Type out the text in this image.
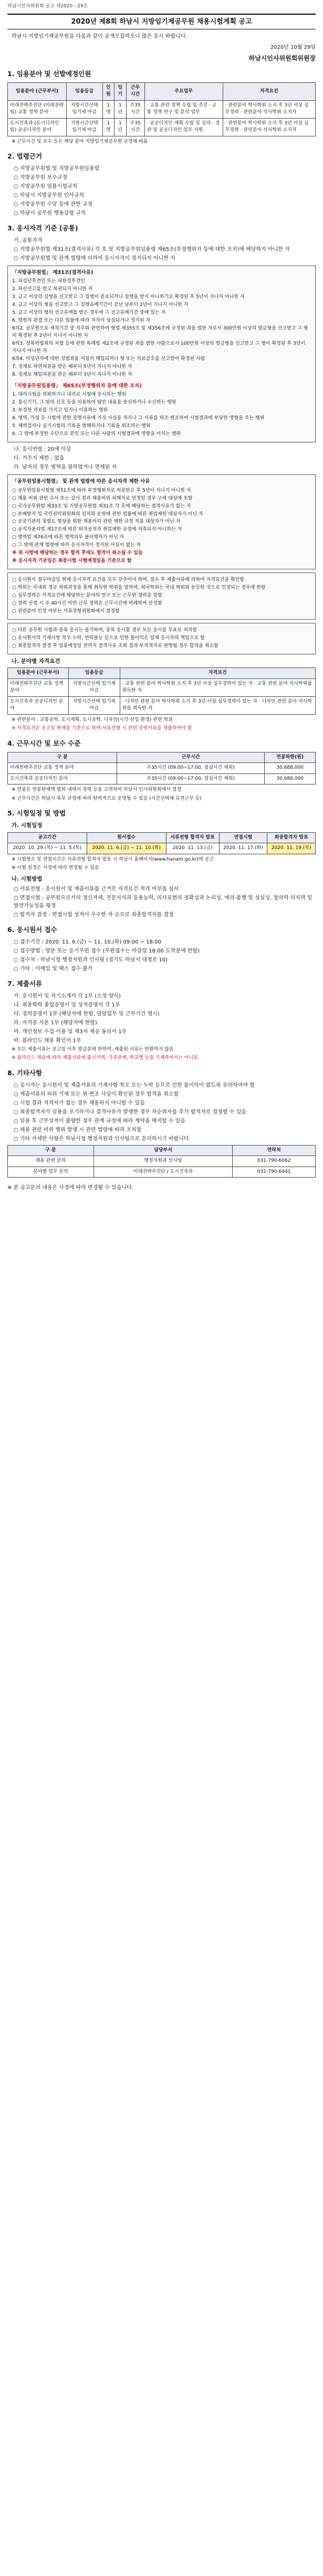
하남시인사위원회 공고 제2020 - 29호
2020년 제8회 하남시 지방임기제공무원 채용시험계획 공고
하남시 지방임기제공무원을 다음과 같이 공개모집하오니 많은 응시 바랍니다.
2020년 10월 29일
하남시인사위원회위원장
1. 임용분야 및 선발예정인원
임용분야 (근무부서)	임용등급	인원	임기	근무시간	주요업무	자격요건
미래전략추진단 (미래전략팀) 교통 정책 분야	지방시간선택 임기제 마급	1명	1년	주35시간	· 교통 관련 정책 수립 및 추진 · 교통 정책 연구 및 분석 업무	· 관련분야 학사학위 소지 후 3년 이상 실무경력 · 관련분야 석사학위 소지자
도시건축과 (도시디자인팀) 공공디자인 분야	지방시간선택 임기제 마급	1명	1년	주35시간	· 공공디자인 계획 수립 및 심의 · 경관 및 공공디자인 업무 지원	· 관련분야 학사학위 소지 후 3년 이상 실무경력 · 관련분야 석사학위 소지자
※ 근무시간 및 보수 등은 해당 분야 지방임기제공무원 규정에 따름
2. 법령근거
○ 지방공무원법 및 지방공무원임용령
○ 지방공무원 보수규정
○ 지방공무원 임용시험규칙
○ 하남시 지방공무원 인사규칙
○ 지방공무원 수당 등에 관한 규정
○ 하남시 공무원 행동강령 규칙
3. 응시자격 기준 (공통)
가. 공통자격
○ 지방공무원법 제31조(결격사유) 각 호 및 지방공무원임용령 제65조(부정행위자 등에 대한 조치)에 해당하지 아니한 자
○ 지방공무원법 및 관계 법령에 의하여 응시자격이 정지되지 아니한 자
「지방공무원법」 제31조(결격사유)

1. 피성년후견인 또는 피한정후견인

2. 파산선고를 받고 복권되지 아니한 자

3. 금고 이상의 실형을 선고받고 그 집행이 종료되거나 집행을 받지 아니하기로 확정된 후 5년이 지나지 아니한 자

4. 금고 이상의 형을 선고받고 그 집행유예기간이 끝난 날부터 2년이 지나지 아니한 자

5. 금고 이상의 형의 선고유예를 받은 경우에 그 선고유예기간 중에 있는 자

6. 법원의 판결 또는 다른 법률에 따라 자격이 상실되거나 정지된 자

6의2. 공무원으로 재직기간 중 직무와 관련하여 형법 제355조 및 제356조에 규정된 죄를 범한 자로서 300만원 이상의 벌금형을 선고받고 그 형이 확정된 후 2년이 지나지 아니한 자

6의3. 성폭력범죄의 처벌 등에 관한 특례법 제2조에 규정된 죄를 범한 사람으로서 100만원 이상의 벌금형을 선고받고 그 형이 확정된 후 3년이 지나지 아니한 자

6의4. 미성년자에 대한 성범죄를 저질러 해임되거나 형 또는 치료감호를 선고받아 확정된 사람

7. 징계로 파면처분을 받은 때부터 5년이 지나지 아니한 자

8. 징계로 해임처분을 받은 때부터 3년이 지나지 아니한 자

「지방공무원임용령」 제65조(부정행위자 등에 대한 조치)

1. 대리시험을 의뢰하거나 대리로 시험에 응시하는 행위

2. 통신기기, 그 밖의 신호 등을 이용하여 답안 내용을 송신하거나 수신하는 행위

3. 부정한 자료를 가지고 있거나 이용하는 행위

4. 병역, 가점 등 시험에 관한 증명서류에 거짓 사실을 적거나 그 서류를 위조·변조하여 시험결과에 부당한 영향을 주는 행위

5. 체력검사나 실기시험의 기록을 방해하거나 기록을 위조하는 행위

6. 그 밖에 부정한 수단으로 본인 또는 다른 사람의 시험결과에 영향을 미치는 행위

나. 응시연령 : 20세 이상
다. 거주지 제한 : 없음
라. 남자의 경우 병역을 필하였거나 면제된 자
「공무원임용시험령」 및 관계 법령에 따른 응시자격 제한 사유

○ 공무원임용시험령 제51조에 따라 부정행위자로 처분받은 후 5년이 지나지 아니한 자

○ 채용 비위 관련 수사 또는 감사 결과 채용비위 피해자로 인정된 경우 구제 대상에 포함

○ 국가공무원법 제33조 및 지방공무원법 제31조 각 호에 해당하는 결격사유가 없는 자

○ 부패방지 및 국민권익위원회의 설치와 운영에 관한 법률에 따른 취업제한 대상자가 아닌 자

○ 공공기관의 청렴도 향상을 위한 채용비리 관련 제한 규정 적용 대상자가 아닌 자

○ 공직자윤리법 제17조에 따른 퇴직공직자 취업제한 규정에 저촉되지 아니하는 자

○ 병역법 제76조에 따른 병역의무 불이행자가 아닌 자

○ 그 밖에 관계 법령에 따라 응시자격이 정지된 사실이 없는 자

※ 위 사항에 해당하는 경우 합격 후에도 합격이 취소될 수 있음

※ 응시자격 기준일은 최종시험 시행예정일을 기준으로 함

○ 응시원서 접수마감일 현재 응시자격 요건을 모두 갖추어야 하며, 접수 후 제출서류에 의하여 자격요건을 확인함

○ 학위는 국내외 정규 학위과정을 통해 취득한 학위를 말하며, 외국학위는 국내 학위와 동등한 것으로 인정되는 경우에 한함

○ 실무경력은 자격요건에 해당하는 분야의 연구 또는 근무한 경력을 말함

○ 경력 산정 시 주 40시간 미만 근무 경력은 근무시간에 비례하여 산정함

○ 관련분야 인정 여부는 서류전형위원회에서 결정함

○ 다른 공무원 시험과 중복 응시는 불가하며, 중복 응시할 경우 모든 응시를 무효로 처리함

○ 응시원서의 기재사항 착오·누락, 연락불능 등으로 인한 불이익은 일체 응시자의 책임으로 함

○ 최종합격자 결정 후 임용예정일 전까지 결격사유 조회 결과 부적격자로 판명될 경우 합격을 취소함

나. 분야별 자격요건
임용분야 (근무부서)	임용등급	자격요건
미래전략추진단 교통 정책 분야	지방시간선택 임기제 마급	· 교통 관련 분야 학사학위 소지 후 3년 이상 실무경력이 있는 자 · 교통 관련 분야 석사학위를 취득한 자
도시건축과 공공디자인 분야	지방시간선택 임기제 마급	· 디자인 관련 분야 학사학위 소지 후 3년 이상 실무경력이 있는 자 · 디자인 관련 분야 석사학위를 취득한 자
※ 관련분야 : 교통공학, 도시계획, 도시공학, 디자인(시각·산업·환경) 관련 학과
※ 자격요건은 공고일 현재를 기준으로 하며 서류전형 시 관련 증빙서류를 제출하여야 함
4. 근무시간 및 보수 수준
구 분	근무시간	연봉하한(원)
미래전략추진단 교통 정책 분야	주35시간 (09:00~17:00, 점심시간 제외)	30,688,000
도시건축과 공공디자인 분야	주35시간 (09:00~17:00, 점심시간 제외)	30,688,000
※ 연봉은 연봉한계액 범위 내에서 경력 등을 고려하여 하남시 인사위원회에서 결정
※ 근무시간은 하남시 복무 규정에 따라 탄력적으로 운영될 수 있음 (시간선택제 유연근무 등)
5. 시험일정 및 방법
가. 시험일정
공고기간	원서접수	서류전형 합격자 발표	면접시험	최종합격자 발표
2020. 10. 29.(목) ~ 11. 5.(목)	2020. 11. 6.(금) ~ 11. 10.(화)	2020. 11. 13.(금)	2020. 11. 17.(화)	2020. 11. 19.(목)
※ 시험장소 및 면접시간은 서류전형 합격자 발표 시 하남시 홈페이지(www.hanam.go.kr)에 공고
※ 시험 일정은 사정에 따라 변경될 수 있음
나. 시험방법
○ 서류전형 : 응시원서 및 제출서류를 근거로 자격요건 적격 여부를 심사
○ 면접시험 : 공무원으로서의 정신자세, 전문지식과 응용능력, 의사표현의 정확성과 논리성, 예의·품행 및 성실성, 창의력·의지력 및 발전가능성을 평정
○ 합격자 결정 : 면접시험 성적이 우수한 자 순으로 최종합격자를 결정
6. 응시원서 접수
○ 접수기간 : 2020. 11. 6.(금) ~ 11. 10.(화) 09:00 ~ 18:00
○ 접수방법 : 방문 또는 등기우편 접수 (우편접수는 마감일 18:00 도착분에 한함)
○ 접수처 : 하남시청 행정지원과 인사팀 (경기도 하남시 대청로 10)
○ 기타 : 이메일 및 팩스 접수 불가
7. 제출서류
가. 응시원서 및 자기소개서 각 1부 (소정 양식)
나. 최종학력 졸업증명서 및 성적증명서 각 1부
다. 경력증명서 1부 (해당자에 한함, 담당업무 및 근무기간 명시)
라. 자격증 사본 1부 (해당자에 한함)
마. 개인정보 수집·이용 및 제3자 제공 동의서 1부
바. 블라인드 채용 확인서 1부
※ 모든 제출서류는 공고일 이후 발급분에 한하며, 제출된 서류는 반환하지 않음
※ 블라인드 채용에 따라 제출서류에 출신지역, 가족관계, 학교명 등을 기재하여서는 아니됨
8. 기타사항
○ 응시자는 응시원서 및 제출서류의 기재사항 착오 또는 누락 등으로 인한 불이익이 없도록 유의하여야 함
○ 제출서류의 허위 기재 또는 위·변조 사실이 확인된 경우 합격을 취소함
○ 시험 결과 적격자가 없는 경우 채용하지 아니할 수 있음
○ 최종합격자가 임용을 포기하거나 결격사유가 발생한 경우 차순위자를 추가 합격자로 결정할 수 있음
○ 임용 후 근무성적이 불량한 경우 관계 규정에 따라 계약을 해지할 수 있음
○ 채용 관련 비위 행위 발생 시 관련 법령에 따라 조치함
○ 기타 자세한 사항은 하남시청 행정지원과 인사팀으로 문의하시기 바랍니다
구 분	담당부서	연락처
채용 관련 문의	행정지원과 인사팀	031-790-6062
분야별 업무 문의	미래전략추진단 / 도시건축과	031-790-6441
※ 본 공고문의 내용은 사정에 따라 변경될 수 있습니다.
